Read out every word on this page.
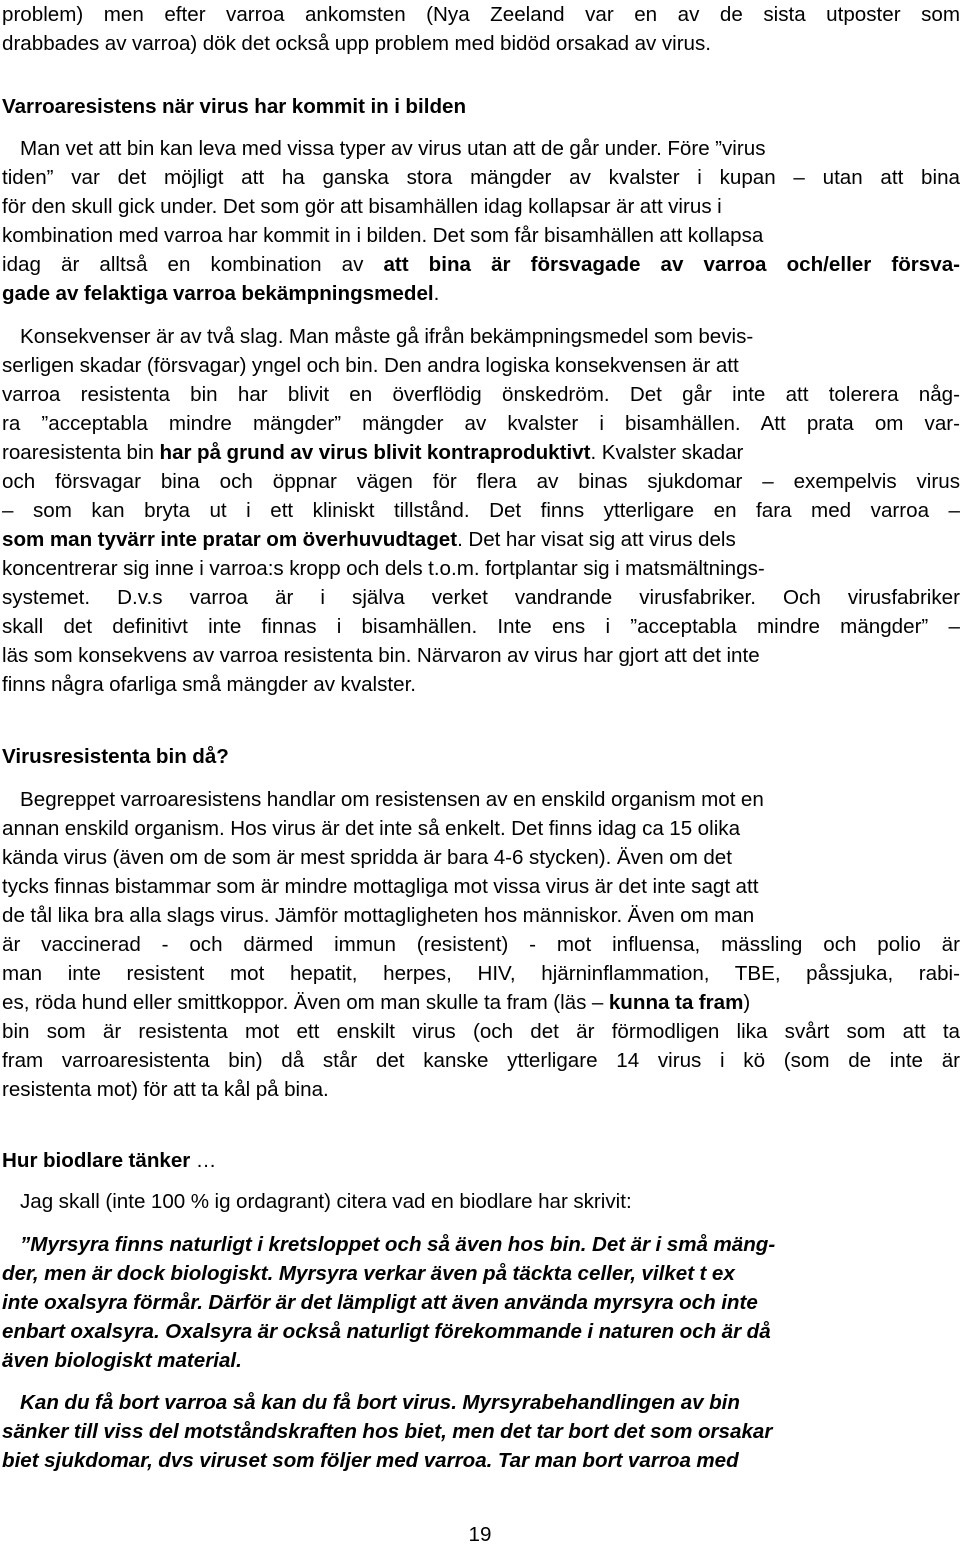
problem) men efter varroa ankomsten (Nya Zeeland var en av de sista utposter som

drabbades av varroa) dök det också upp problem med bidöd orsakad av virus.

Varroaresistens när virus har kommit in i bilden

Man vet att bin kan leva med vissa typer av virus utan att de går under. Före ”virus

tiden” var det möjligt att ha ganska stora mängder av kvalster i kupan – utan att bina

för den skull gick under. Det som gör att bisamhällen idag kollapsar är att virus i

kombination med varroa har kommit in i bilden. Det som får bisamhällen att kollapsa

idag är alltså en kombination av att bina är försvagade av varroa och/eller försva-

gade av felaktiga varroa bekämpningsmedel.

Konsekvenser är av två slag. Man måste gå ifrån bekämpningsmedel som bevis-

serligen skadar (försvagar) yngel och bin. Den andra logiska konsekvensen är att

varroa resistenta bin har blivit en överflödig önskedröm. Det går inte att tolerera någ-

ra ”acceptabla mindre mängder” mängder av kvalster i bisamhällen. Att prata om var-

roaresistenta bin har på grund av virus blivit kontraproduktivt. Kvalster skadar

och försvagar bina och öppnar vägen för flera av binas sjukdomar – exempelvis virus

– som kan bryta ut i ett kliniskt tillstånd. Det finns ytterligare en fara med varroa –

som man tyvärr inte pratar om överhuvudtaget. Det har visat sig att virus dels

koncentrerar sig inne i varroa:s kropp och dels t.o.m. fortplantar sig i matsmältnings-

systemet. D.v.s varroa är i själva verket vandrande virusfabriker. Och virusfabriker

skall det definitivt inte finnas i bisamhällen. Inte ens i ”acceptabla mindre mängder” –

läs som konsekvens av varroa resistenta bin. Närvaron av virus har gjort att det inte

finns några ofarliga små mängder av kvalster.

Virusresistenta bin då?

Begreppet varroaresistens handlar om resistensen av en enskild organism mot en

annan enskild organism. Hos virus är det inte så enkelt. Det finns idag ca 15 olika

kända virus (även om de som är mest spridda är bara 4-6 stycken). Även om det

tycks finnas bistammar som är mindre mottagliga mot vissa virus är det inte sagt att

de tål lika bra alla slags virus. Jämför mottagligheten hos människor. Även om man

är vaccinerad - och därmed immun (resistent) - mot influensa, mässling och polio är

man inte resistent mot hepatit, herpes, HIV, hjärninflammation, TBE, påssjuka, rabi-

es, röda hund eller smittkoppor. Även om man skulle ta fram (läs – kunna ta fram)

bin som är resistenta mot ett enskilt virus (och det är förmodligen lika svårt som att ta

fram varroaresistenta bin) då står det kanske ytterligare 14 virus i kö (som de inte är

resistenta mot) för att ta kål på bina.

Hur biodlare tänker …

Jag skall (inte 100 % ig ordagrant) citera vad en biodlare har skrivit:

”Myrsyra finns naturligt i kretsloppet och så även hos bin. Det är i små mäng-

der, men är dock biologiskt. Myrsyra verkar även på täckta celler, vilket t ex

inte oxalsyra förmår. Därför är det lämpligt att även använda myrsyra och inte

enbart oxalsyra. Oxalsyra är också naturligt förekommande i naturen och är då

även biologiskt material.

Kan du få bort varroa så kan du få bort virus. Myrsyrabehandlingen av bin

sänker till viss del motståndskraften hos biet, men det tar bort det som orsakar

biet sjukdomar, dvs viruset som följer med varroa. Tar man bort varroa med

19
